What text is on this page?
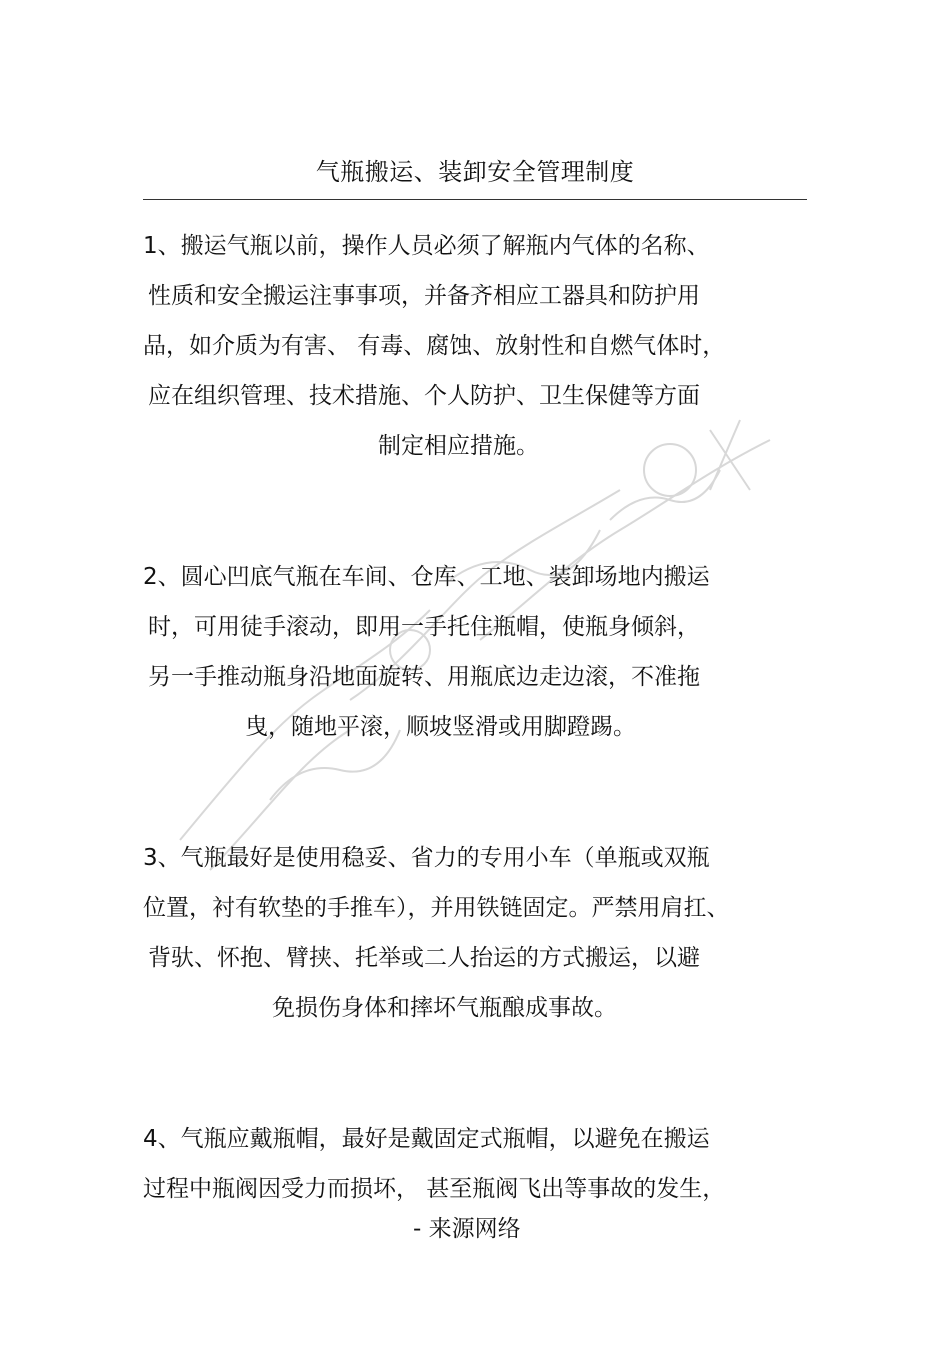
气瓶搬运、装卸安全管理制度
1、搬运气瓶以前，操作人员必须了解瓶内气体的名称、
性质和安全搬运注事事项，并备齐相应工器具和防护用
品，如介质为有害、 有毒、腐蚀、放射性和自燃气体时，
应在组织管理、技术措施、个人防护、卫生保健等方面
制定相应措施。
2、圆心凹底气瓶在车间、仓库、工地、装卸场地内搬运
时，可用徒手滚动，即用一手托住瓶帽，使瓶身倾斜，
另一手推动瓶身沿地面旋转、用瓶底边走边滚，不准拖
曳，随地平滚，顺坡竖滑或用脚蹬踢。
3、气瓶最好是使用稳妥、省力的专用小车（单瓶或双瓶
位置，衬有软垫的手推车），并用铁链固定。严禁用肩扛、
背驮、怀抱、臂挟、托举或二人抬运的方式搬运，以避
免损伤身体和摔坏气瓶酿成事故。
4、气瓶应戴瓶帽，最好是戴固定式瓶帽，以避免在搬运
过程中瓶阀因受力而损坏， 甚至瓶阀飞出等事故的发生，
- 来源网络
